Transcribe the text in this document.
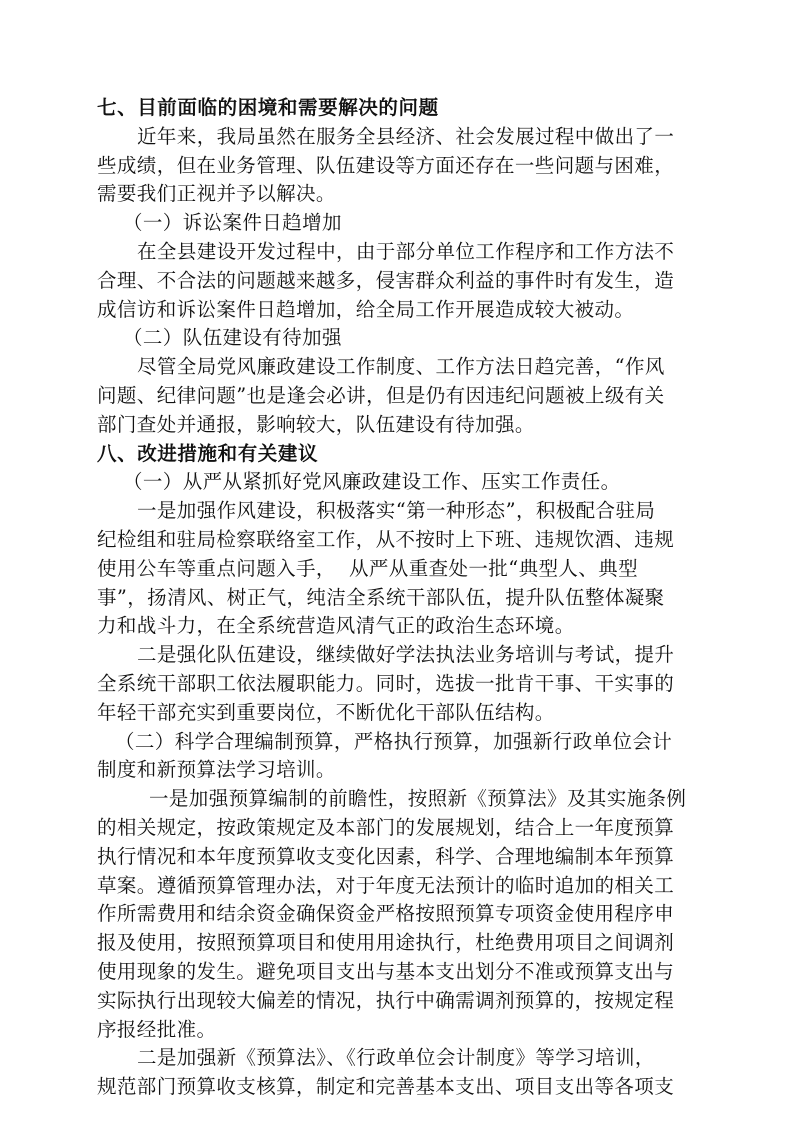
七、目前面临的困境和需要解决的问题
近年来，我局虽然在服务全县经济、社会发展过程中做出了一
些成绩，但在业务管理、队伍建设等方面还存在一些问题与困难，
需要我们正视并予以解决。
（一）诉讼案件日趋增加
在全县建设开发过程中，由于部分单位工作程序和工作方法不
合理、不合法的问题越来越多，侵害群众利益的事件时有发生，造
成信访和诉讼案件日趋增加，给全局工作开展造成较大被动。
（二）队伍建设有待加强
尽管全局党风廉政建设工作制度、工作方法日趋完善，“作风
问题、纪律问题”也是逢会必讲，但是仍有因违纪问题被上级有关
部门查处并通报，影响较大，队伍建设有待加强。
八、改进措施和有关建议
（一）从严从紧抓好党风廉政建设工作、压实工作责任。
一是加强作风建设，积极落实“第一种形态”，积极配合驻局
纪检组和驻局检察联络室工作，从不按时上下班、违规饮酒、违规
使用公车等重点问题入手，  从严从重查处一批“典型人、典型
事”，扬清风、树正气，纯洁全系统干部队伍，提升队伍整体凝聚
力和战斗力，在全系统营造风清气正的政治生态环境。
二是强化队伍建设，继续做好学法执法业务培训与考试，提升
全系统干部职工依法履职能力。同时，选拔一批肯干事、干实事的
年轻干部充实到重要岗位，不断优化干部队伍结构。
（二）科学合理编制预算，严格执行预算，加强新行政单位会计
制度和新预算法学习培训。
一是加强预算编制的前瞻性，按照新《预算法》及其实施条例
的相关规定，按政策规定及本部门的发展规划，结合上一年度预算
执行情况和本年度预算收支变化因素，科学、合理地编制本年预算
草案。遵循预算管理办法，对于年度无法预计的临时追加的相关工
作所需费用和结余资金确保资金严格按照预算专项资金使用程序申
报及使用，按照预算项目和使用用途执行，杜绝费用项目之间调剂
使用现象的发生。避免项目支出与基本支出划分不准或预算支出与
实际执行出现较大偏差的情况，执行中确需调剂预算的，按规定程
序报经批准。
二是加强新《预算法》、《行政单位会计制度》等学习培训，
规范部门预算收支核算，制定和完善基本支出、项目支出等各项支
